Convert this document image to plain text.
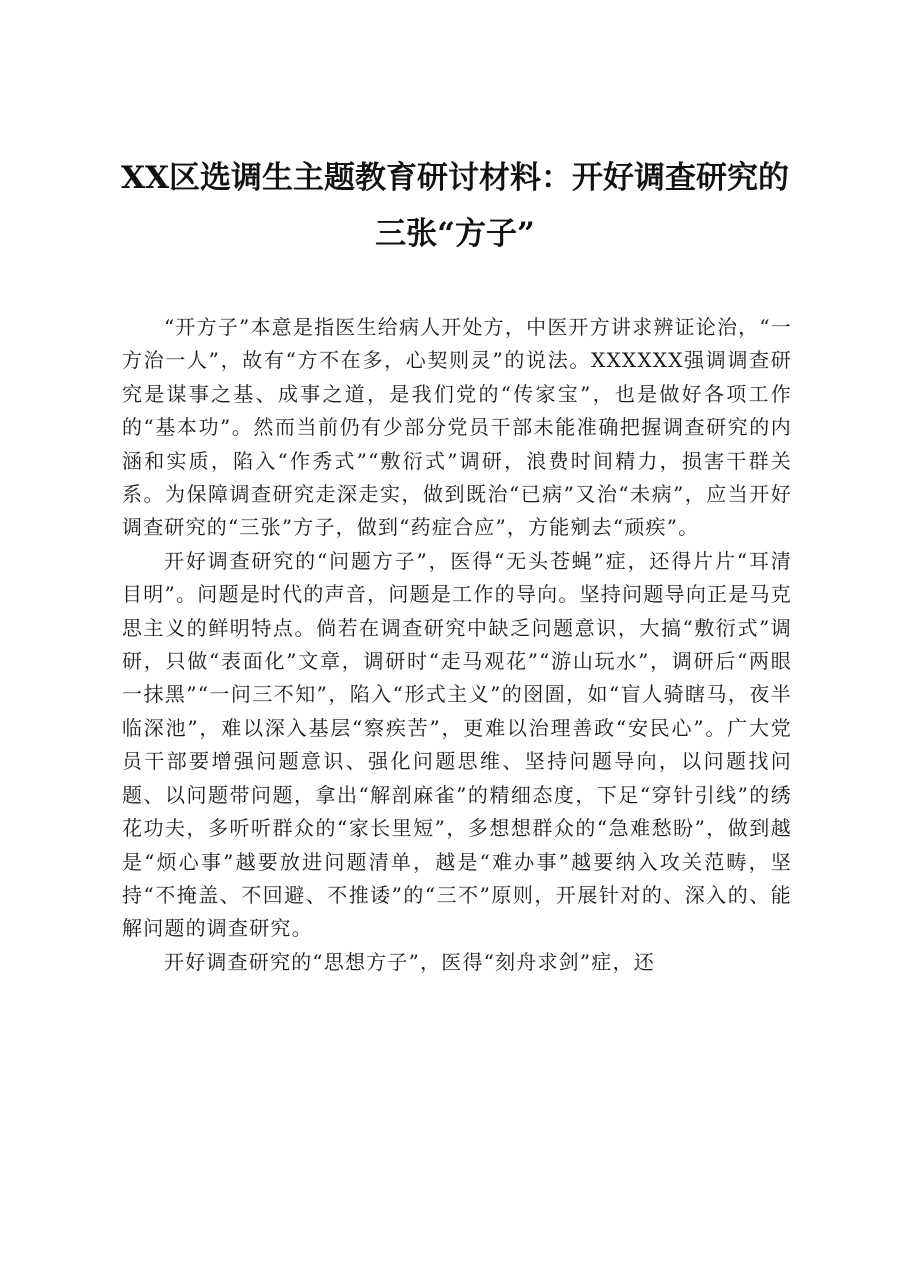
XX区选调生主题教育研讨材料：开好调查研究的三张“方子”

“开方子”本意是指医生给病人开处方，中医开方讲求辨证论治，“一方治一人”，故有“方不在多，心契则灵”的说法。XXXXXX强调调查研究是谋事之基、成事之道，是我们党的“传家宝”，也是做好各项工作的“基本功”。然而当前仍有少部分党员干部未能准确把握调查研究的内涵和实质，陷入“作秀式”“敷衍式”调研，浪费时间精力，损害干群关系。为保障调查研究走深走实，做到既治“已病”又治“未病”，应当开好调查研究的“三张”方子，做到“药症合应”，方能剜去“顽疾”。

开好调查研究的“问题方子”，医得“无头苍蝇”症，还得片片“耳清目明”。问题是时代的声音，问题是工作的导向。坚持问题导向正是马克思主义的鲜明特点。倘若在调查研究中缺乏问题意识，大搞“敷衍式”调研，只做“表面化”文章，调研时“走马观花”“游山玩水”，调研后“两眼一抹黑”“一问三不知”，陷入“形式主义”的囹圄，如“盲人骑瞎马，夜半临深池”，难以深入基层“察疾苦”，更难以治理善政“安民心”。广大党员干部要增强问题意识、强化问题思维、坚持问题导向，以问题找问题、以问题带问题，拿出“解剖麻雀”的精细态度，下足“穿针引线”的绣花功夫，多听听群众的“家长里短”，多想想群众的“急难愁盼”，做到越是“烦心事”越要放进问题清单，越是“难办事”越要纳入攻关范畴，坚持“不掩盖、不回避、不推诿”的“三不”原则，开展针对的、深入的、能解问题的调查研究。

开好调查研究的“思想方子”，医得“刻舟求剑”症，还
